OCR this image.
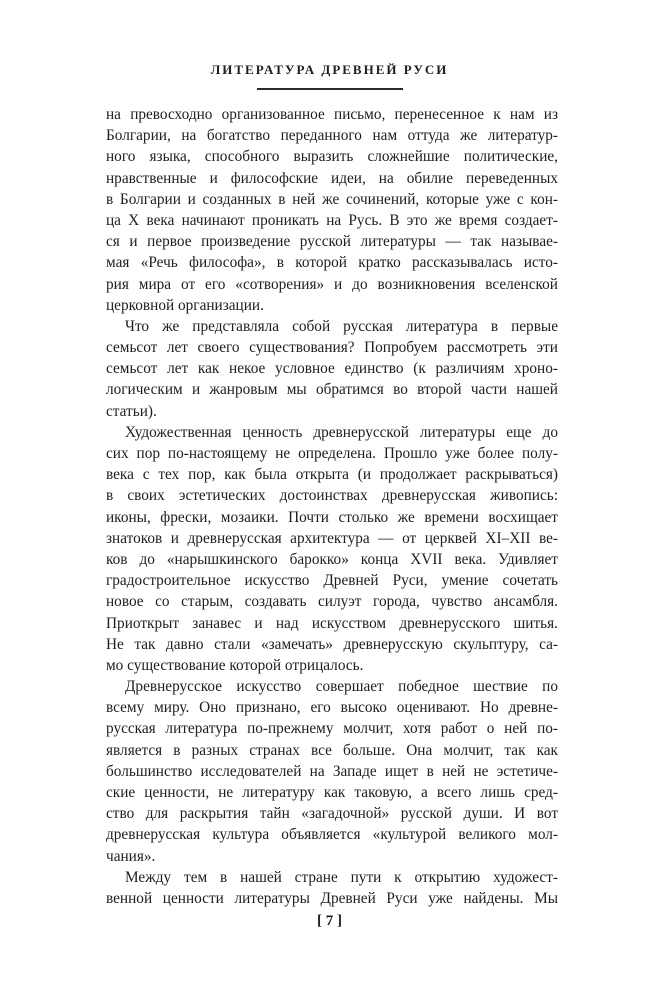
ЛИТЕРАТУРА ДРЕВНЕЙ РУСИ
на превосходно организованное письмо, перенесенное к нам из
Болгарии, на богатство переданного нам оттуда же литератур-
ного языка, способного выразить сложнейшие политические,
нравственные и философские идеи, на обилие переведенных
в Болгарии и созданных в ней же сочинений, которые уже с кон-
ца X века начинают проникать на Русь. В это же время создает-
ся и первое произведение русской литературы — так называе-
мая «Речь философа», в которой кратко рассказывалась исто-
рия мира от его «сотворения» и до возникновения вселенской
церковной организации.
Что же представляла собой русская литература в первые
семьсот лет своего существования? Попробуем рассмотреть эти
семьсот лет как некое условное единство (к различиям хроно-
логическим и жанровым мы обратимся во второй части нашей
статьи).
Художественная ценность древнерусской литературы еще до
сих пор по-настоящему не определена. Прошло уже более полу-
века с тех пор, как была открыта (и продолжает раскрываться)
в своих эстетических достоинствах древнерусская живопись:
иконы, фрески, мозаики. Почти столько же времени восхищает
знатоков и древнерусская архитектура — от церквей XI–XII ве-
ков до «нарышкинского барокко» конца XVII века. Удивляет
градостроительное искусство Древней Руси, умение сочетать
новое со старым, создавать силуэт города, чувство ансамбля.
Приоткрыт занавес и над искусством древнерусского шитья.
Не так давно стали «замечать» древнерусскую скульптуру, са-
мо существование которой отрицалось.
Древнерусское искусство совершает победное шествие по
всему миру. Оно признано, его высоко оценивают. Но древне-
русская литература по-прежнему молчит, хотя работ о ней по-
является в разных странах все больше. Она молчит, так как
большинство исследователей на Западе ищет в ней не эстетиче-
ские ценности, не литературу как таковую, а всего лишь сред-
ство для раскрытия тайн «загадочной» русской души. И вот
древнерусская культура объявляется «культурой великого мол-
чания».
Между тем в нашей стране пути к открытию художест-
венной ценности литературы Древней Руси уже найдены. Мы
[ 7 ]
